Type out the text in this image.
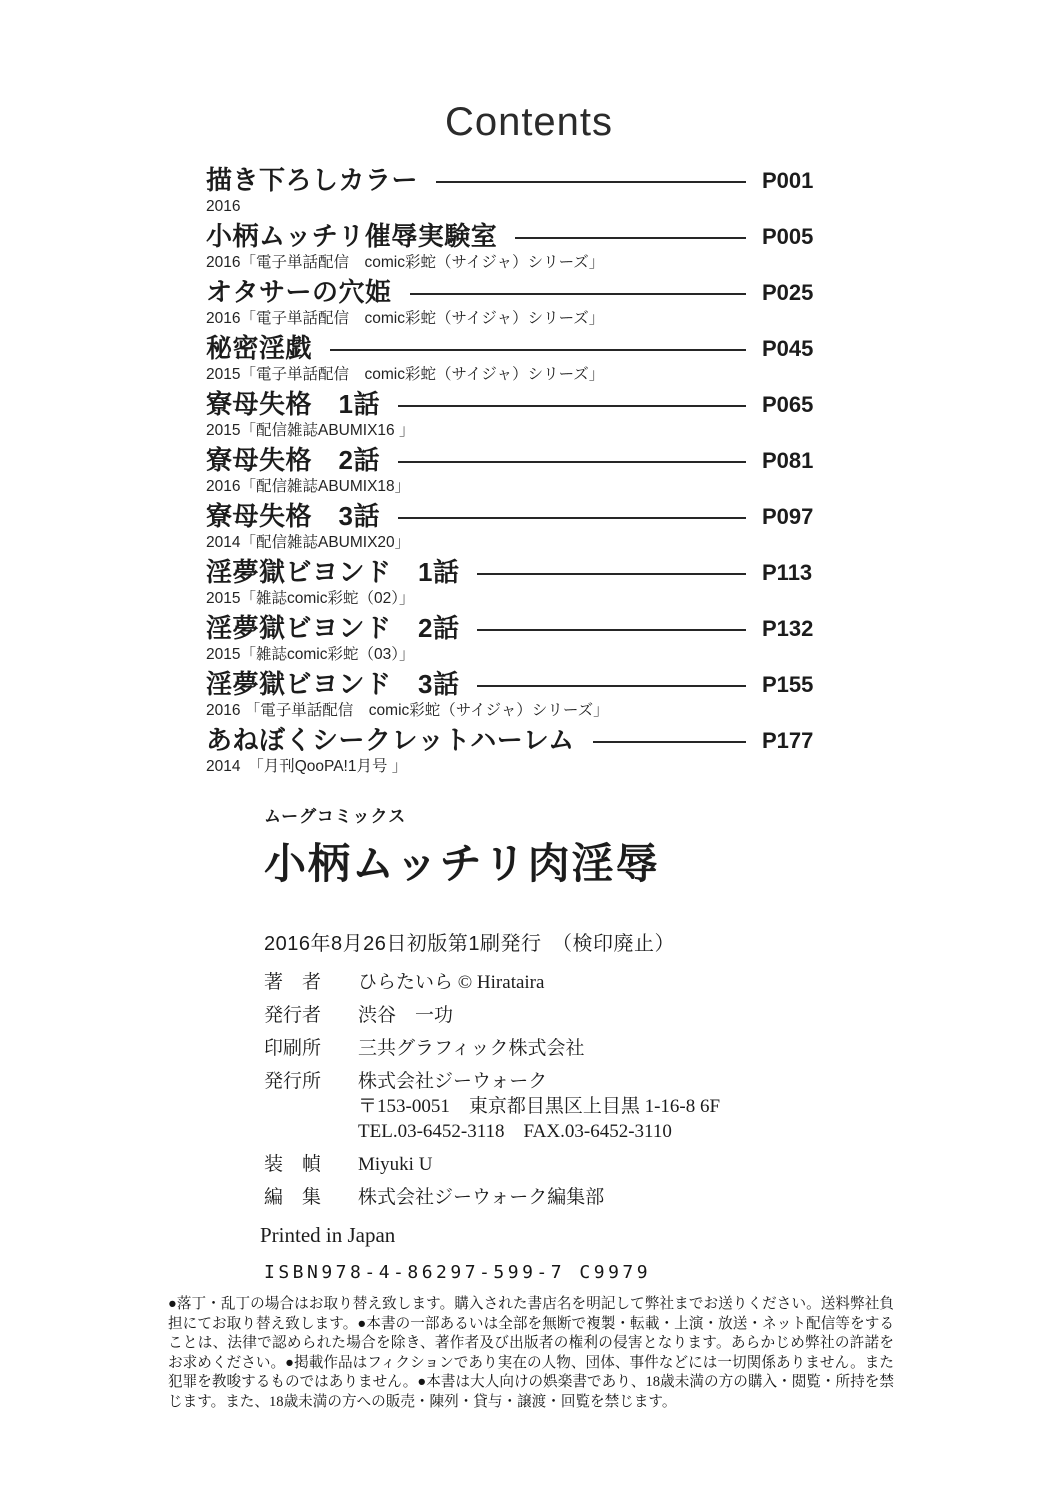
Contents
描き下ろしカラー	P001
2016
小柄ムッチリ催辱実験室	P005
2016「電子単話配信　comic彩蛇（サイジャ）シリーズ」
オタサーの穴姫	P025
2016「電子単話配信　comic彩蛇（サイジャ）シリーズ」
秘密淫戯	P045
2015「電子単話配信　comic彩蛇（サイジャ）シリーズ」
寮母失格　1話	P065
2015「配信雑誌ABUMIX16 」
寮母失格　2話	P081
2016「配信雑誌ABUMIX18」
寮母失格　3話	P097
2014「配信雑誌ABUMIX20」
淫夢獄ビヨンド　1話	P113
2015「雑誌comic彩蛇（02）」
淫夢獄ビヨンド　2話	P132
2015「雑誌comic彩蛇（03）」
淫夢獄ビヨンド　3話	P155
2016 「電子単話配信　comic彩蛇（サイジャ）シリーズ」
あねぼくシークレットハーレム	P177
2014　「月刊QooPA!1月号 」
ムーグコミックス
小柄ムッチリ肉淫辱
2016年8月26日初版第1刷発行　（検印廃止）
著　者	ひらたいら © Hirataira
発行者	渋谷　一功
印刷所	三共グラフィック株式会社
発行所	株式会社ジーウォーク
〒153-0051　東京都目黒区上目黒 1-16-8 6F
TEL.03-6452-3118　FAX.03-6452-3110
装　幀	Miyuki U
編　集	株式会社ジーウォーク編集部
Printed in Japan
ISBN978-4-86297-599-7 C9979
●落丁・乱丁の場合はお取り替え致します。購入された書店名を明記して弊社までお送りください。送料弊社負担にてお取り替え致します。●本書の一部あるいは全部を無断で複製・転載・上演・放送・ネット配信等をすることは、法律で認められた場合を除き、著作者及び出版者の権利の侵害となります。あらかじめ弊社の許諾をお求めください。●掲載作品はフィクションであり実在の人物、団体、事件などには一切関係ありません。また犯罪を教唆するものではありません。●本書は大人向けの娯楽書であり、18歳未満の方の購入・閲覧・所持を禁じます。また、18歳未満の方への販売・陳列・貸与・譲渡・回覧を禁じます。
